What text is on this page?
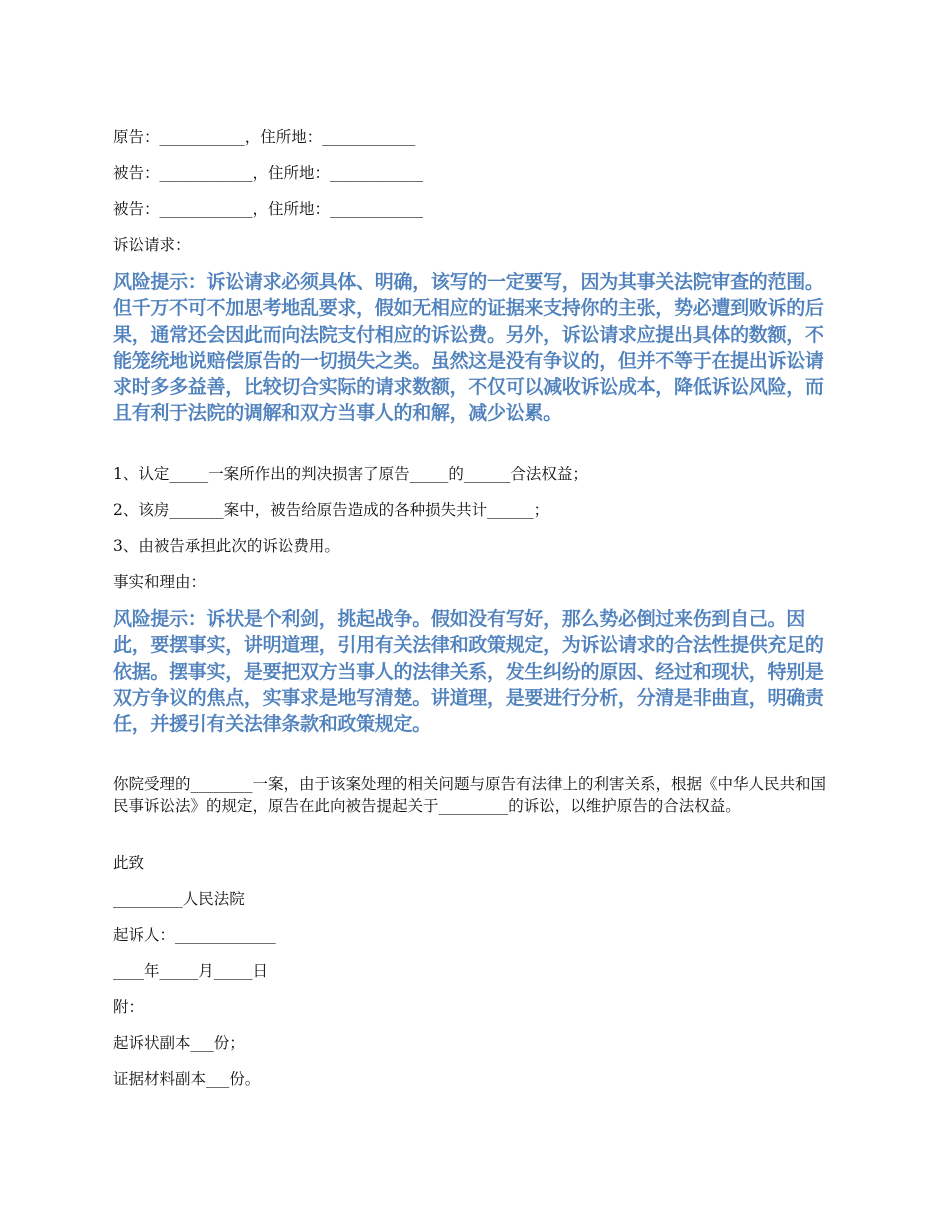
原告：___________，住所地：____________
被告：____________，住所地：____________
被告：____________，住所地：____________
诉讼请求：
风险提示：诉讼请求必须具体、明确，该写的一定要写，因为其事关法院审查的范围。但千万不可不加思考地乱要求，假如无相应的证据来支持你的主张，势必遭到败诉的后果，通常还会因此而向法院支付相应的诉讼费。另外，诉讼请求应提出具体的数额，不能笼统地说赔偿原告的一切损失之类。虽然这是没有争议的，但并不等于在提出诉讼请求时多多益善，比较切合实际的请求数额，不仅可以减收诉讼成本，降低诉讼风险，而且有利于法院的调解和双方当事人的和解，减少讼累。
1、认定_____一案所作出的判决损害了原告_____的______合法权益；
2、该房_______案中，被告给原告造成的各种损失共计______；
3、由被告承担此次的诉讼费用。
事实和理由：
风险提示：诉状是个利剑，挑起战争。假如没有写好，那么势必倒过来伤到自己。因此，要摆事实，讲明道理，引用有关法律和政策规定，为诉讼请求的合法性提供充足的依据。摆事实，是要把双方当事人的法律关系，发生纠纷的原因、经过和现状，特别是双方争议的焦点，实事求是地写清楚。讲道理，是要进行分析，分清是非曲直，明确责任，并援引有关法律条款和政策规定。
你院受理的________一案，由于该案处理的相关问题与原告有法律上的利害关系，根据《中华人民共和国民事诉讼法》的规定，原告在此向被告提起关于_________的诉讼，以维护原告的合法权益。
此致
_________人民法院
起诉人：_____________
____年_____月_____日
附：
起诉状副本___份；
证据材料副本___份。
